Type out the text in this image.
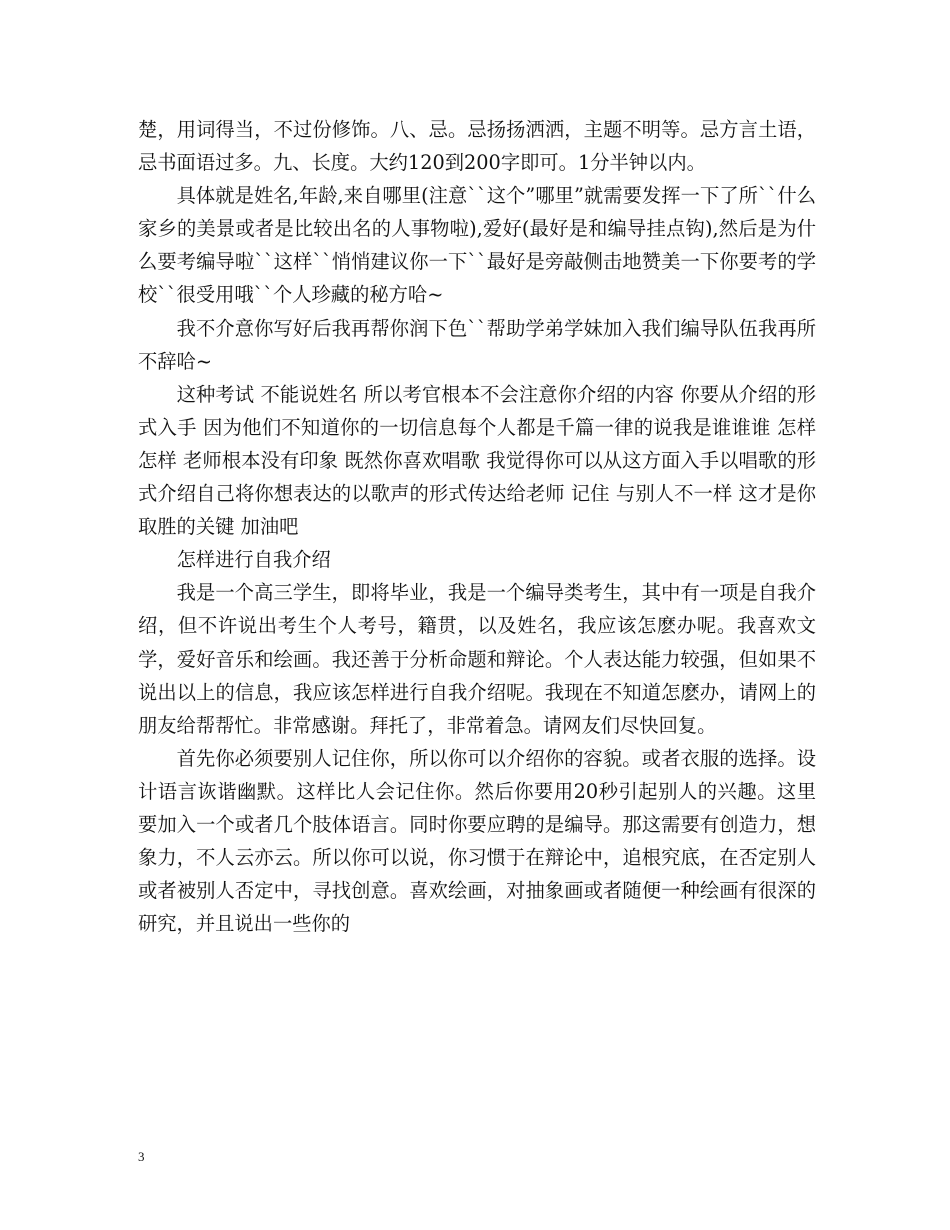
楚，用词得当，不过份修饰。八、忌。忌扬扬洒洒，主题不明等。忌方言土语，忌书面语过多。九、长度。大约120到200字即可。1分半钟以内。

具体就是姓名,年龄,来自哪里(注意``这个”哪里”就需要发挥一下了所``什么家乡的美景或者是比较出名的人事物啦),爱好(最好是和编导挂点钩),然后是为什么要考编导啦``这样``悄悄建议你一下``最好是旁敲侧击地赞美一下你要考的学校``很受用哦``个人珍藏的秘方哈~

我不介意你写好后我再帮你润下色``帮助学弟学妹加入我们编导队伍我再所不辞哈~

这种考试 不能说姓名 所以考官根本不会注意你介绍的内容 你要从介绍的形式入手 因为他们不知道你的一切信息每个人都是千篇一律的说我是谁谁谁 怎样怎样 老师根本没有印象 既然你喜欢唱歌 我觉得你可以从这方面入手以唱歌的形式介绍自己将你想表达的以歌声的形式传达给老师 记住 与别人不一样 这才是你取胜的关键 加油吧

怎样进行自我介绍

我是一个高三学生，即将毕业，我是一个编导类考生，其中有一项是自我介绍，但不许说出考生个人考号，籍贯，以及姓名，我应该怎麽办呢。我喜欢文学，爱好音乐和绘画。我还善于分析命题和辩论。个人表达能力较强，但如果不说出以上的信息，我应该怎样进行自我介绍呢。我现在不知道怎麽办，请网上的朋友给帮帮忙。非常感谢。拜托了，非常着急。请网友们尽快回复。

首先你必须要别人记住你，所以你可以介绍你的容貌。或者衣服的选择。设计语言诙谐幽默。这样比人会记住你。然后你要用20秒引起别人的兴趣。这里要加入一个或者几个肢体语言。同时你要应聘的是编导。那这需要有创造力，想象力，不人云亦云。所以你可以说，你习惯于在辩论中，追根究底，在否定别人或者被别人否定中，寻找创意。喜欢绘画，对抽象画或者随便一种绘画有很深的研究，并且说出一些你的

3
